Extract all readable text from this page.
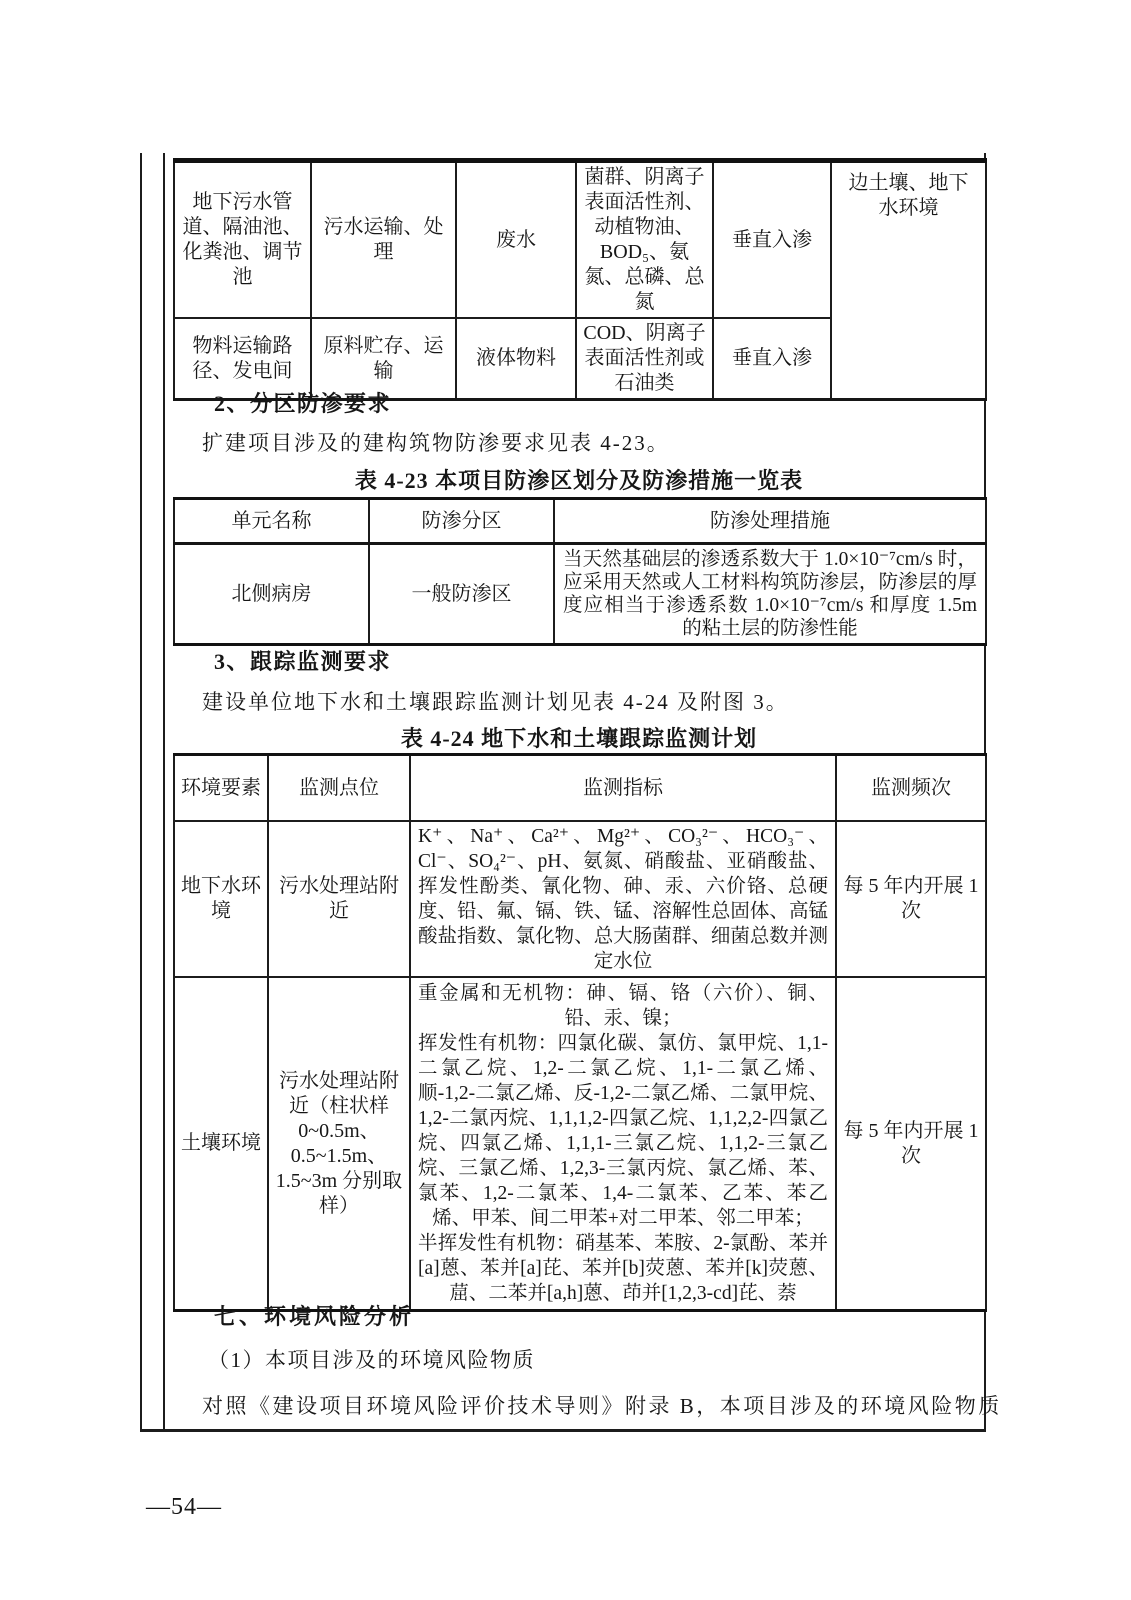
地下污水管道、隔油池、化粪池、调节池	污水运输、处理	废水	菌群、阴离子表面活性剂、动植物油、BOD₅、氨氮、总磷、总氮	垂直入渗	边土壤、地下水环境
物料运输路径、发电间	原料贮存、运输	液体物料	COD、阴离子表面活性剂或石油类	垂直入渗	
2、分区防渗要求
扩建项目涉及的建构筑物防渗要求见表 4-23。
表 4-23 本项目防渗区划分及防渗措施一览表
单元名称	防渗分区	防渗处理措施
北侧病房	一般防渗区	当天然基础层的渗透系数大于 1.0×10⁻⁷cm/s 时，应采用天然或人工材料构筑防渗层，防渗层的厚度应相当于渗透系数 1.0×10⁻⁷cm/s 和厚度 1.5m 的粘土层的防渗性能
3、跟踪监测要求
建设单位地下水和土壤跟踪监测计划见表 4-24 及附图 3。
表 4-24 地下水和土壤跟踪监测计划
环境要素	监测点位	监测指标	监测频次
地下水环境	污水处理站附近	K⁺、Na⁺、Ca²⁺、Mg²⁺、CO₃²⁻、HCO₃⁻、Cl⁻、SO₄²⁻、pH、氨氮、硝酸盐、亚硝酸盐、挥发性酚类、氰化物、砷、汞、六价铬、总硬度、铅、氟、镉、铁、锰、溶解性总固体、高锰酸盐指数、氯化物、总大肠菌群、细菌总数并测定水位	每 5 年内开展 1 次
土壤环境	污水处理站附近（柱状样 0~0.5m、0.5~1.5m、1.5~3m 分别取样）	重金属和无机物：砷、镉、铬（六价）、铜、铅、汞、镍；

挥发性有机物：四氯化碳、氯仿、氯甲烷、1,1-二氯乙烷、1,2-二氯乙烷、1,1-二氯乙烯、顺-1,2-二氯乙烯、反-1,2-二氯乙烯、二氯甲烷、1,2-二氯丙烷、1,1,1,2-四氯乙烷、1,1,2,2-四氯乙烷、四氯乙烯、1,1,1-三氯乙烷、1,1,2-三氯乙烷、三氯乙烯、1,2,3-三氯丙烷、氯乙烯、苯、氯苯、1,2-二氯苯、1,4-二氯苯、乙苯、苯乙烯、甲苯、间二甲苯+对二甲苯、邻二甲苯；

半挥发性有机物：硝基苯、苯胺、2-氯酚、苯并[a]蒽、苯并[a]芘、苯并[b]荧蒽、苯并[k]荧蒽、䓛、二苯并[a,h]蒽、茚并[1,2,3-cd]芘、萘	每 5 年内开展 1 次
七、环境风险分析
（1）本项目涉及的环境风险物质
对照《建设项目环境风险评价技术导则》附录 B，本项目涉及的环境风险物质
—54—
